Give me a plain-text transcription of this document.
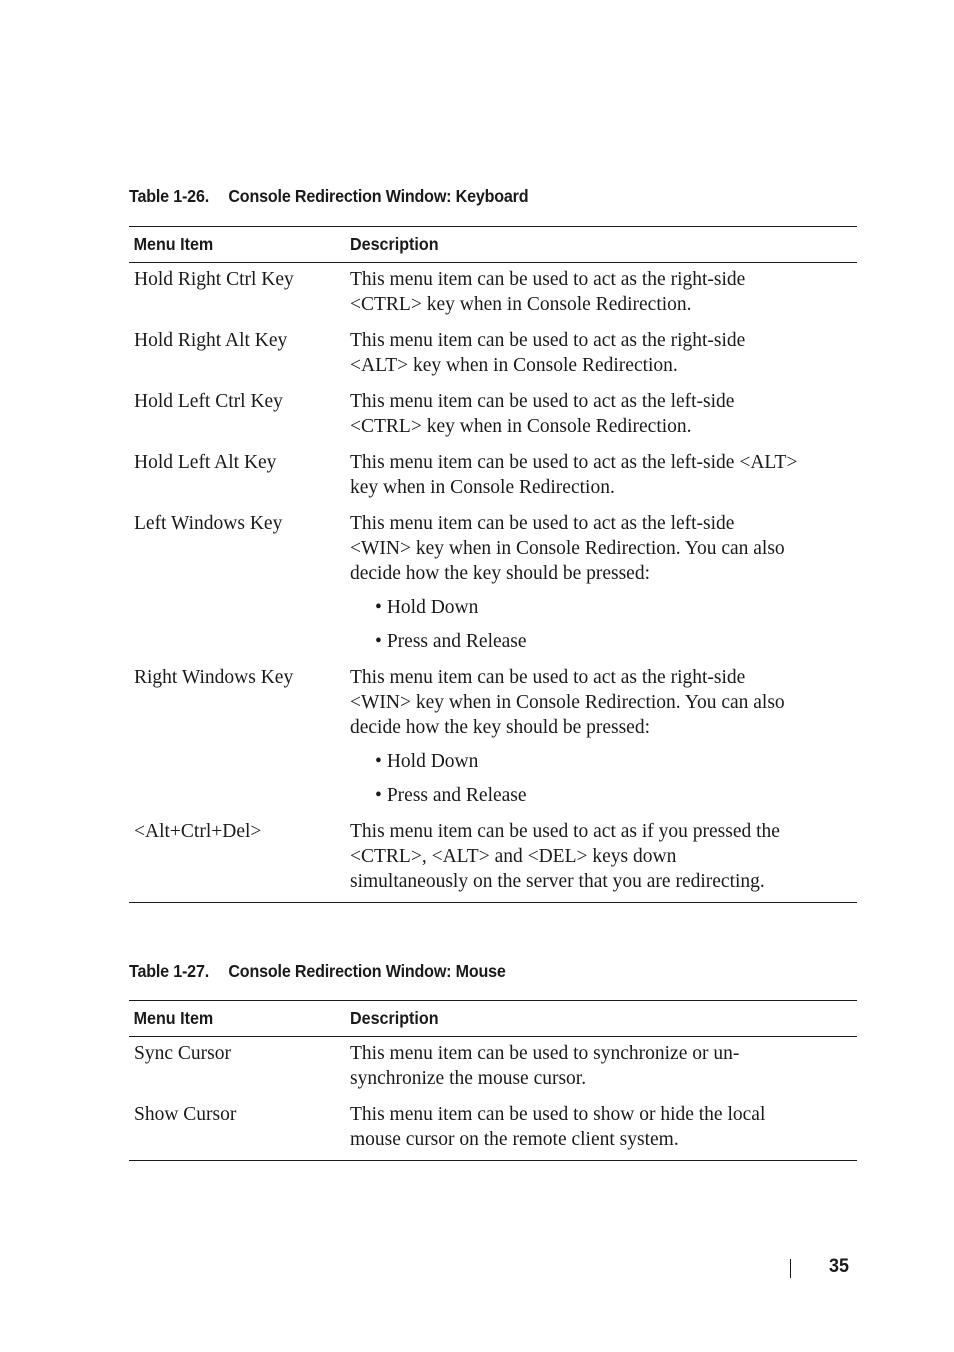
Table 1-26. Console Redirection Window: Keyboard
Menu Item	Description
Hold Right Ctrl Key	This menu item can be used to act as the right-side
<CTRL> key when in Console Redirection.
Hold Right Alt Key	This menu item can be used to act as the right-side
<ALT> key when in Console Redirection.
Hold Left Ctrl Key	This menu item can be used to act as the left-side
<CTRL> key when in Console Redirection.
Hold Left Alt Key	This menu item can be used to act as the left-side <ALT>
key when in Console Redirection.
Left Windows Key	This menu item can be used to act as the left-side
<WIN> key when in Console Redirection. You can also
decide how the key should be pressed:
• Hold Down
• Press and Release
Right Windows Key	This menu item can be used to act as the right-side
<WIN> key when in Console Redirection. You can also
decide how the key should be pressed:
• Hold Down
• Press and Release
<Alt+Ctrl+Del>	This menu item can be used to act as if you pressed the
<CTRL>, <ALT> and <DEL> keys down
simultaneously on the server that you are redirecting.
Table 1-27. Console Redirection Window: Mouse
Menu Item	Description
Sync Cursor	This menu item can be used to synchronize or un-
synchronize the mouse cursor.
Show Cursor	This menu item can be used to show or hide the local
mouse cursor on the remote client system.
35
